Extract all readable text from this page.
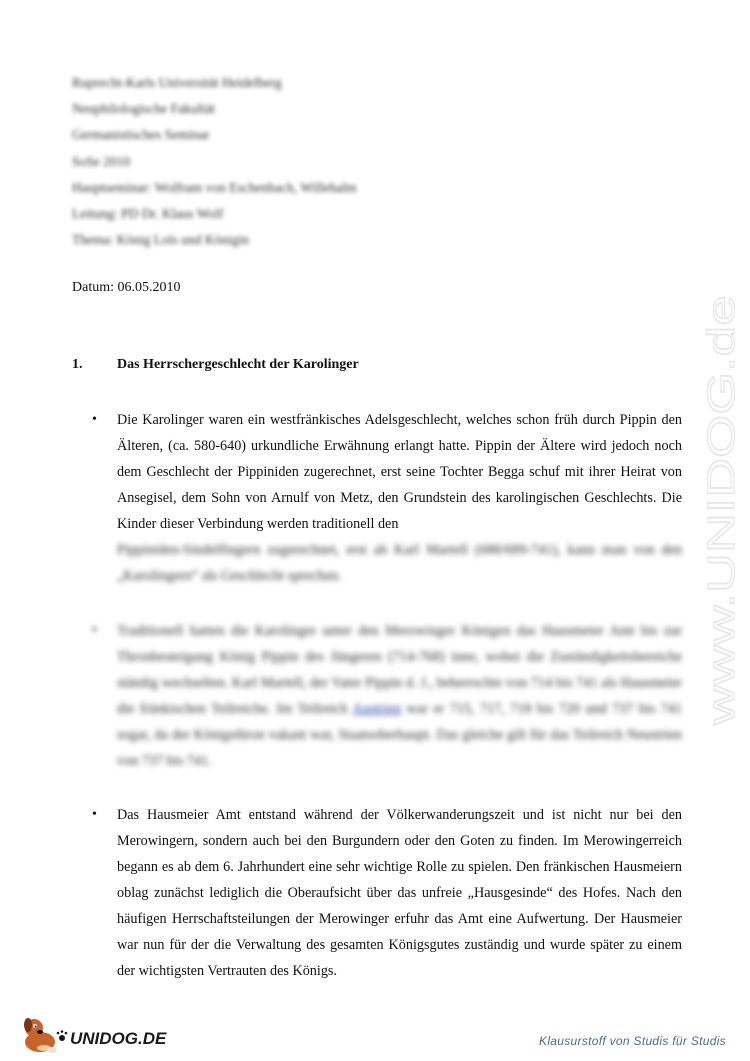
Ruprecht-Karls Universität Heidelberg
Neuphilologische Fakultät
Germanistisches Seminar
SoSe 2010
Hauptseminar: Wolfram von Eschenbach, Willehalm
Leitung: PD Dr. Klaus Wolf
Thema: König Loïs und Königin
Datum: 06.05.2010
1. Das Herrschergeschlecht der Karolinger
• Die Karolinger waren ein westfränkisches Adelsgeschlecht, welches schon früh durch Pippin den Älteren, (ca. 580-640) urkundliche Erwähnung erlangt hatte. Pippin der Ältere wird jedoch noch dem Geschlecht der Pippiniden zugerechnet, erst seine Tochter Begga schuf mit ihrer Heirat von Ansegisel, dem Sohn von Arnulf von Metz, den Grundstein des karolingischen Geschlechts. Die Kinder dieser Verbindung werden traditionell den
Pippiniden-Sindelfingern zugerechnet, erst ab Karl Martell (688/689-741), kann man von den „Karolingern“ als Geschlecht sprechen.
• Traditionell hatten die Karolinger unter den Merowinger Königen das Hausmeier Amt bis zur Thronbesteigung König Pippin des Jüngeren (714-768) inne, wobei die Zuständigkeitsbereiche ständig wechselten. Karl Martell, der Vater Pippin d. J., beherrschte von 714 bis 741 als Hausmeier die fränkischen Teilreiche. Im Teilreich Austrien war er 715, 717, 718 bis 720 und 737 bis 741 sogar, da der Königsthron vakant war, Staatsoberhaupt. Das gleiche gilt für das Teilreich Neustrien von 737 bis 741.
• Das Hausmeier Amt entstand während der Völkerwanderungszeit und ist nicht nur bei den Merowingern, sondern auch bei den Burgundern oder den Goten zu finden. Im Merowingerreich begann es ab dem 6. Jahrhundert eine sehr wichtige Rolle zu spielen. Den fränkischen Hausmeiern oblag zunächst lediglich die Oberaufsicht über das unfreie „Hausgesinde“ des Hofes. Nach den häufigen Herrschaftsteilungen der Merowinger erfuhr das Amt eine Aufwertung. Der Hausmeier war nun für der die Verwaltung des gesamten Königsgutes zuständig und wurde später zu einem der wichtigsten Vertrauten des Königs.
www.UNIDOG.de
UNIDOG.DE	Klausurstoff von Studis für Studis
